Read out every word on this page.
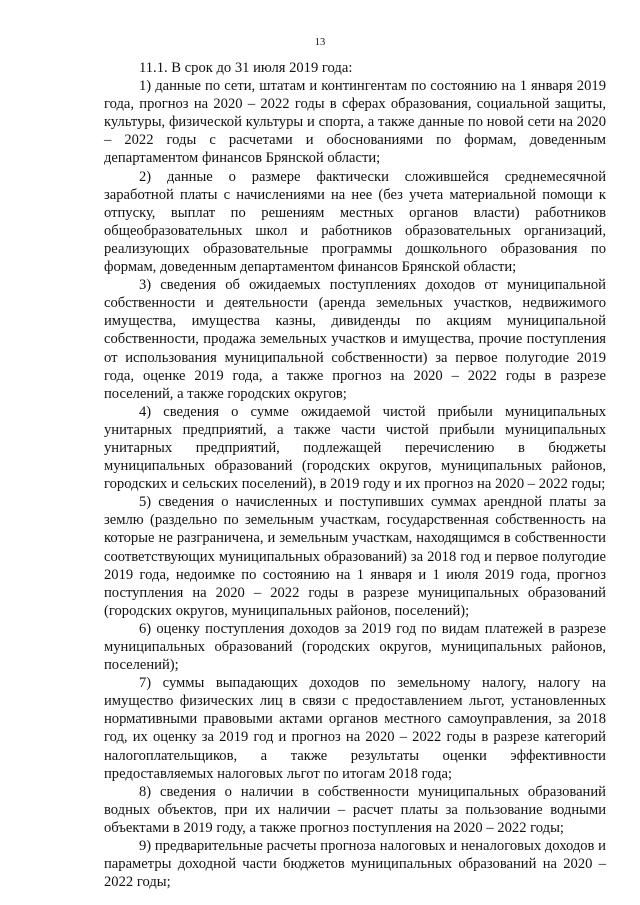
13

11.1. В срок до 31 июля 2019 года:

1) данные по сети, штатам и контингентам по состоянию на 1 января 2019 года, прогноз на 2020 – 2022 годы в сферах образования, социальной защиты, культуры, физической культуры и спорта, а также данные по новой сети на 2020 – 2022 годы с расчетами и обоснованиями по формам, доведенным департаментом финансов Брянской области;

2) данные о размере фактически сложившейся среднемесячной заработной платы с начислениями на нее (без учета материальной помощи к отпуску, выплат по решениям местных органов власти) работников общеобразовательных школ и работников образовательных организаций, реализующих образовательные программы дошкольного образования по формам, доведенным департаментом финансов Брянской области;

3) сведения об ожидаемых поступлениях доходов от муниципальной собственности и деятельности (аренда земельных участков, недвижимого имущества, имущества казны, дивиденды по акциям муниципальной собственности, продажа земельных участков и имущества, прочие поступления от использования муниципальной собственности) за первое полугодие 2019 года, оценке 2019 года, а также прогноз на 2020 – 2022 годы в разрезе поселений, а также городских округов;

4) сведения о сумме ожидаемой чистой прибыли муниципальных унитарных предприятий, а также части чистой прибыли муниципальных унитарных предприятий, подлежащей перечислению в бюджеты муниципальных образований (городских округов, муниципальных районов, городских и сельских поселений), в 2019 году и их прогноз на 2020 – 2022 годы;

5) сведения о начисленных и поступивших суммах арендной платы за землю (раздельно по земельным участкам, государственная собственность на которые не разграничена, и земельным участкам, находящимся в собственности соответствующих муниципальных образований) за 2018 год и первое полугодие 2019 года, недоимке по состоянию на 1 января и 1 июля 2019 года, прогноз поступления на 2020 – 2022 годы в разрезе муниципальных образований (городских округов, муниципальных районов, поселений);

6) оценку поступления доходов за 2019 год по видам платежей в разрезе муниципальных образований (городских округов, муниципальных районов, поселений);

7) суммы выпадающих доходов по земельному налогу, налогу на имущество физических лиц в связи с предоставлением льгот, установленных нормативными правовыми актами органов местного самоуправления, за 2018 год, их оценку за 2019 год и прогноз на 2020 – 2022 годы в разрезе категорий налогоплательщиков, а также результаты оценки эффективности предоставляемых налоговых льгот по итогам 2018 года;

8) сведения о наличии в собственности муниципальных образований водных объектов, при их наличии – расчет платы за пользование водными объектами в 2019 году, а также прогноз поступления на 2020 – 2022 годы;

9) предварительные расчеты прогноза налоговых и неналоговых доходов и параметры доходной части бюджетов муниципальных образований на 2020 – 2022 годы;
